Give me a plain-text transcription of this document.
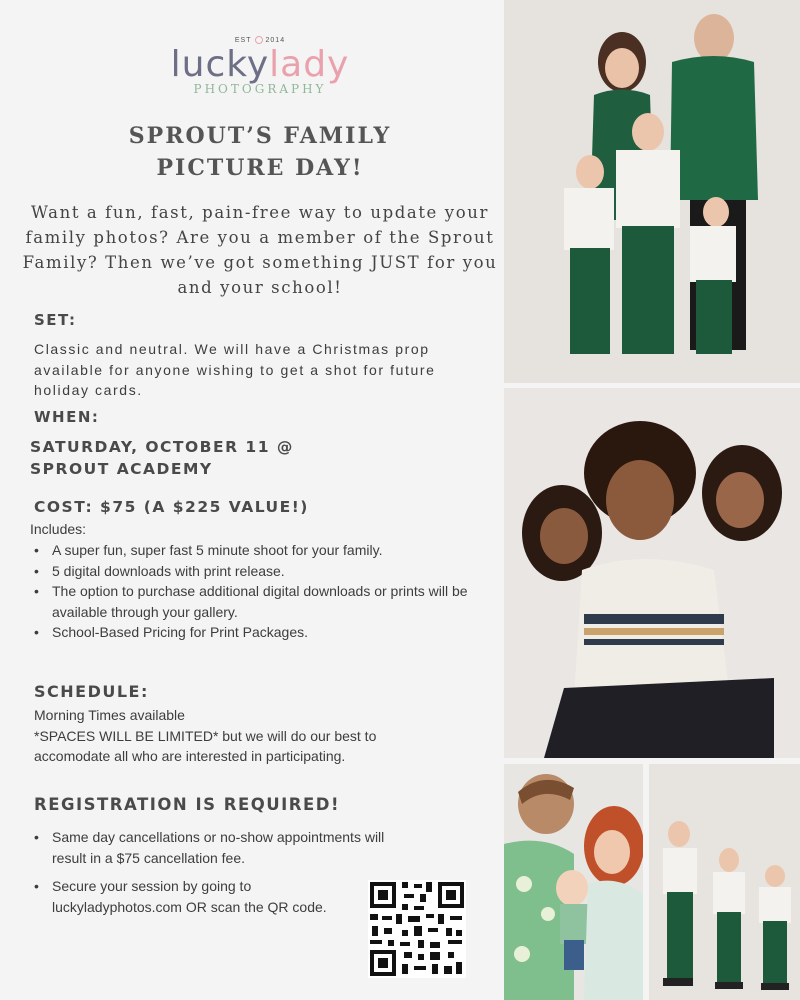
EST 2014
luckylady
PHOTOGRAPHY
SPROUT’S FAMILY
PICTURE DAY!
Want a fun, fast, pain-free way to update your family photos? Are you a member of the Sprout Family? Then we’ve got something JUST for you and your school!
SET:
Classic and neutral. We will have a Christmas prop available for anyone wishing to get a shot for future holiday cards.
WHEN:
SATURDAY, OCTOBER 11 @
SPROUT ACADEMY
COST: $75 (A $225 VALUE!)
Includes:
• A super fun, super fast 5 minute shoot for your family.
• 5 digital downloads with print release.
• The option to purchase additional digital downloads or prints will be available through your gallery.
• School-Based Pricing for Print Packages.
SCHEDULE:
Morning Times available
*SPACES WILL BE LIMITED* but we will do our best to accomodate all who are interested in participating.
REGISTRATION IS REQUIRED!
• Same day cancellations or no-show appointments will result in a $75 cancellation fee.
• Secure your session by going to luckyladyphotos.com OR scan the QR code.
